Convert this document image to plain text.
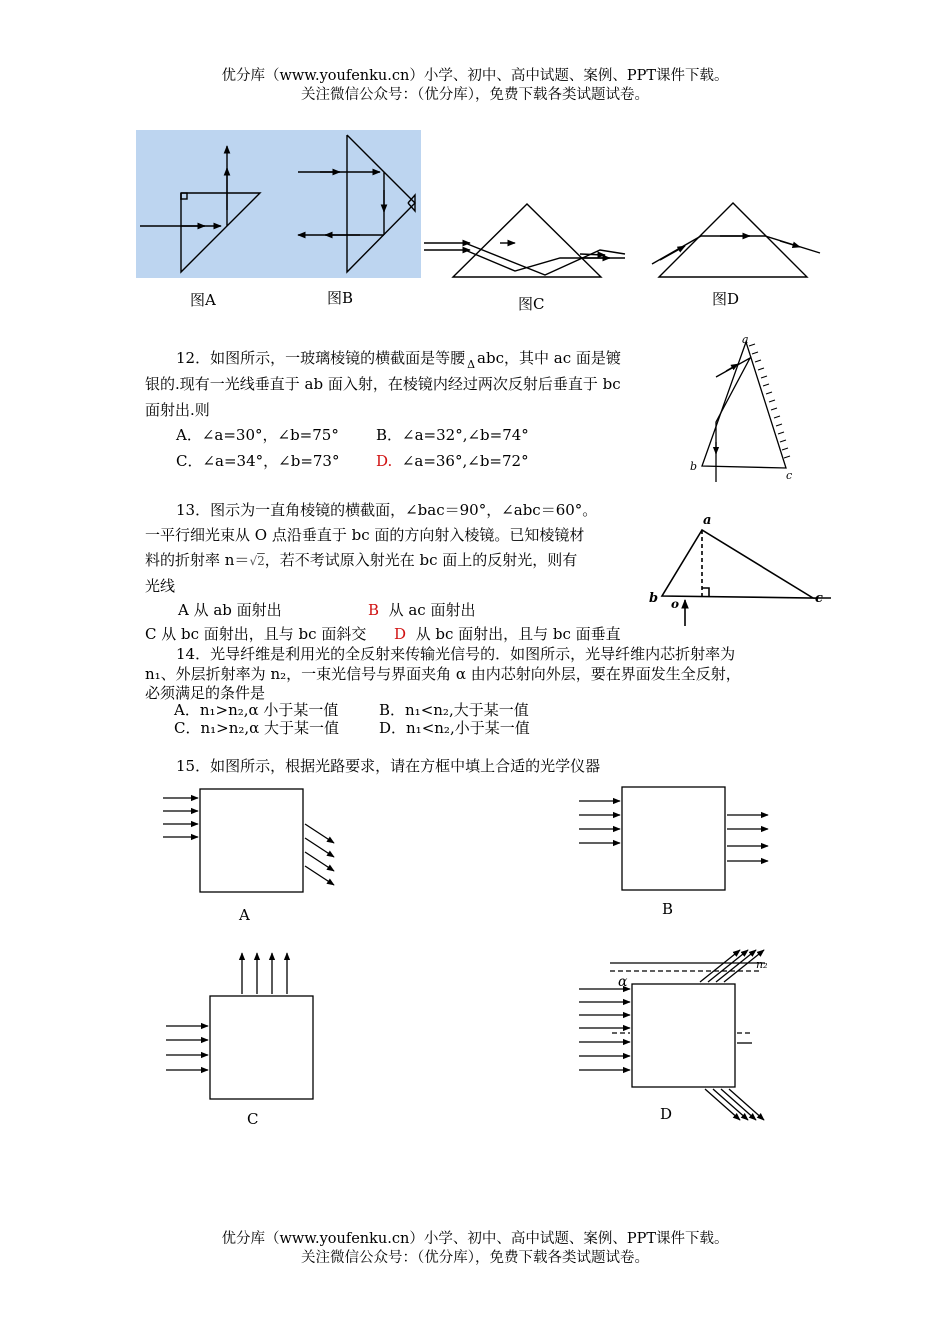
优分库（www.youfenku.cn）小学、初中、高中试题、案例、PPT课件下载。
关注微信公众号：（优分库），免费下载各类试题试卷。
图A	图B	图C	图D
12．如图所示，一玻璃棱镜的横截面是等腰 $_\Delta$ abc，其中 ac 面是镀
银的.现有一光线垂直于 ab 面入射，在棱镜内经过两次反射后垂直于 bc
面射出.则
A．∠a=30°，∠b=75° B．∠a=32°,∠b=74°
C．∠a=34°，∠b=73° D. ∠a=36°,∠b=72°
a
b
c
13．图示为一直角棱镜的横截面，∠bac＝90°，∠abc＝60°。
一平行细光束从 O 点沿垂直于 bc 面的方向射入棱镜。已知棱镜材
料的折射率 n＝√2，若不考试原入射光在 bc 面上的反射光，则有
光线
A 从 ab 面射出	B 从 ac 面射出
C 从 bc 面射出，且与 bc 面斜交 D 从 bc 面射出，且与 bc 面垂直
a
b	c
o
14．光导纤维是利用光的全反射来传输光信号的．如图所示，光导纤维内芯折射率为
n₁、外层折射率为 n₂，一束光信号与界面夹角 α 由内芯射向外层，要在界面发生全反射，
必须满足的条件是
A．n₁>n₂,α 小于某一值	B．n₁<n₂,大于某一值
C．n₁>n₂,α 大于某一值	D．n₁<n₂,小于某一值
15．如图所示，根据光路要求，请在方框中填上合适的光学仪器
α
n₂
A	B
C	D
优分库（www.youfenku.cn）小学、初中、高中试题、案例、PPT课件下载。
关注微信公众号：（优分库），免费下载各类试题试卷。
